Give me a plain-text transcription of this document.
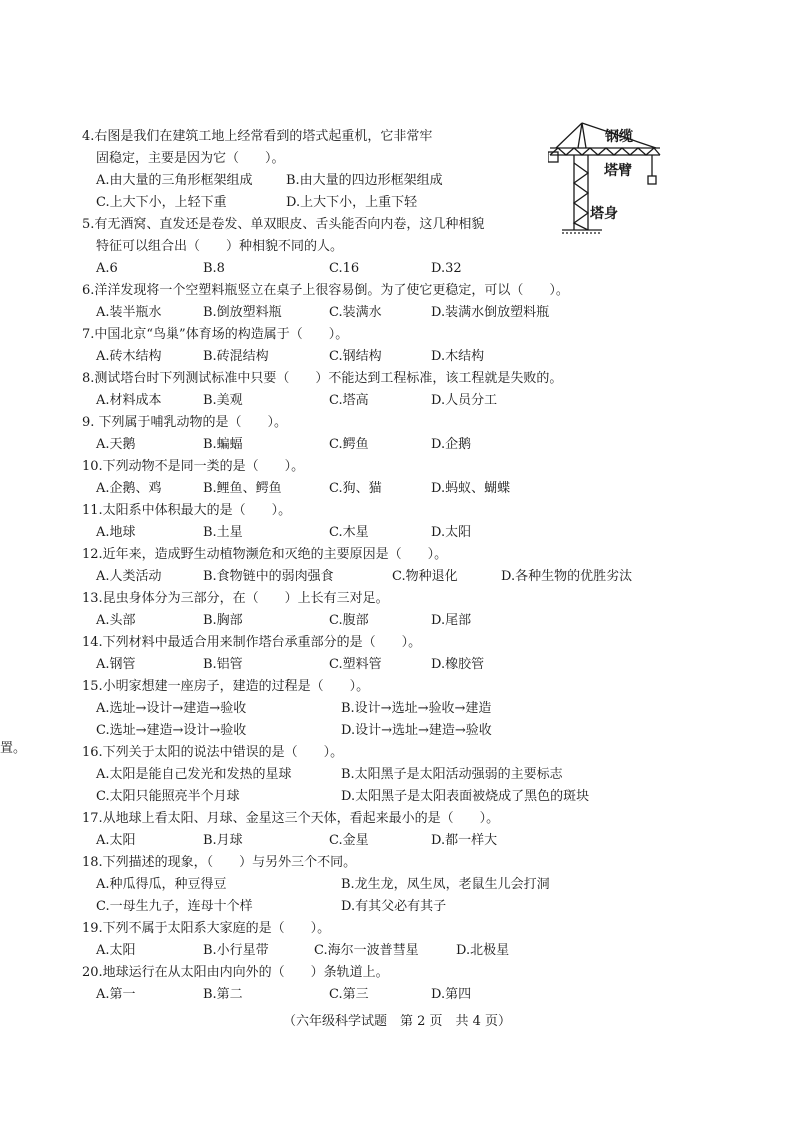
4.右图是我们在建筑工地上经常看到的塔式起重机，它非常牢
固稳定，主要是因为它（　　）。
A.由大量的三角形框架组成	B.由大量的四边形框架组成
C.上大下小，上轻下重	D.上大下小，上重下轻
钢缆
塔臂
塔身
5.有无酒窝、直发还是卷发、单双眼皮、舌头能否向内卷，这几种相貌
特征可以组合出（　　）种相貌不同的人。
A.6	B.8	C.16	D.32
6.洋洋发现将一个空塑料瓶竖立在桌子上很容易倒。为了使它更稳定，可以（　　）。
A.装半瓶水	B.倒放塑料瓶	C.装满水	D.装满水倒放塑料瓶
7.中国北京“鸟巢”体育场的构造属于（　　）。
A.砖木结构	B.砖混结构	C.钢结构	D.木结构
8.测试塔台时下列测试标准中只要（　　）不能达到工程标准，该工程就是失败的。
A.材料成本	B.美观	C.塔高	D.人员分工
9. 下列属于哺乳动物的是（　　）。
A.天鹅	B.蝙蝠	C.鳄鱼	D.企鹅
10.下列动物不是同一类的是（　　）。
A.企鹅、鸡	B.鲤鱼、鳄鱼	C.狗、猫	D.蚂蚁、蝴蝶
11.太阳系中体积最大的是（　　）。
A.地球	B.土星	C.木星	D.太阳
12.近年来，造成野生动植物濒危和灭绝的主要原因是（　　）。
A.人类活动	B.食物链中的弱肉强食	C.物种退化	D.各种生物的优胜劣汰
13.昆虫身体分为三部分，在（　　）上长有三对足。
A.头部	B.胸部	C.腹部	D.尾部
14.下列材料中最适合用来制作塔台承重部分的是（　　）。
A.钢管	B.铝管	C.塑料管	D.橡胶管
15.小明家想建一座房子，建造的过程是（　　）。
A.选址→设计→建造→验收	B.设计→选址→验收→建造
C.选址→建造→设计→验收	D.设计→选址→建造→验收
置。	16.下列关于太阳的说法中错误的是（　　）。
A.太阳是能自己发光和发热的星球	B.太阳黑子是太阳活动强弱的主要标志
C.太阳只能照亮半个月球	D.太阳黑子是太阳表面被烧成了黑色的斑块
17.从地球上看太阳、月球、金星这三个天体，看起来最小的是（　　）。
A.太阳	B.月球	C.金星	D.都一样大
18.下列描述的现象，（　　）与另外三个不同。
A.种瓜得瓜，种豆得豆	B.龙生龙，凤生凤，老鼠生儿会打洞
C.一母生九子，连母十个样	D.有其父必有其子
19.下列不属于太阳系大家庭的是（　　）。
A.太阳	B.小行星带	C.海尔一波普彗星	D.北极星
20.地球运行在从太阳由内向外的（　　）条轨道上。
A.第一	B.第二	C.第三	D.第四
（六年级科学试题　第 2 页　共 4 页）
